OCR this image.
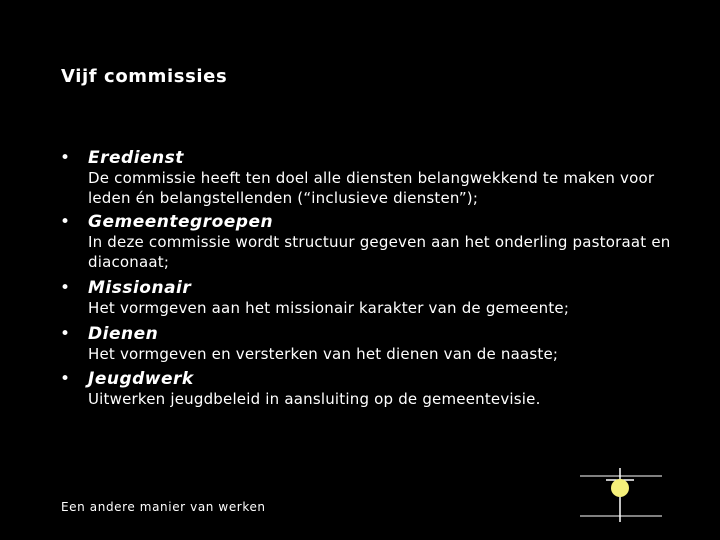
Vijf commissies
• Eredienst
De commissie heeft ten doel alle diensten belangwekkend te maken voor leden én belangstellenden (“inclusieve diensten”);
• Gemeentegroepen
In deze commissie wordt structuur gegeven aan het onderling pastoraat en diaconaat;
• Missionair
Het vormgeven aan het missionair karakter van de gemeente;
• Dienen
Het vormgeven en versterken van het dienen van de naaste;
• Jeugdwerk
Uitwerken jeugdbeleid in aansluiting op de gemeentevisie.
Een andere manier van werken
